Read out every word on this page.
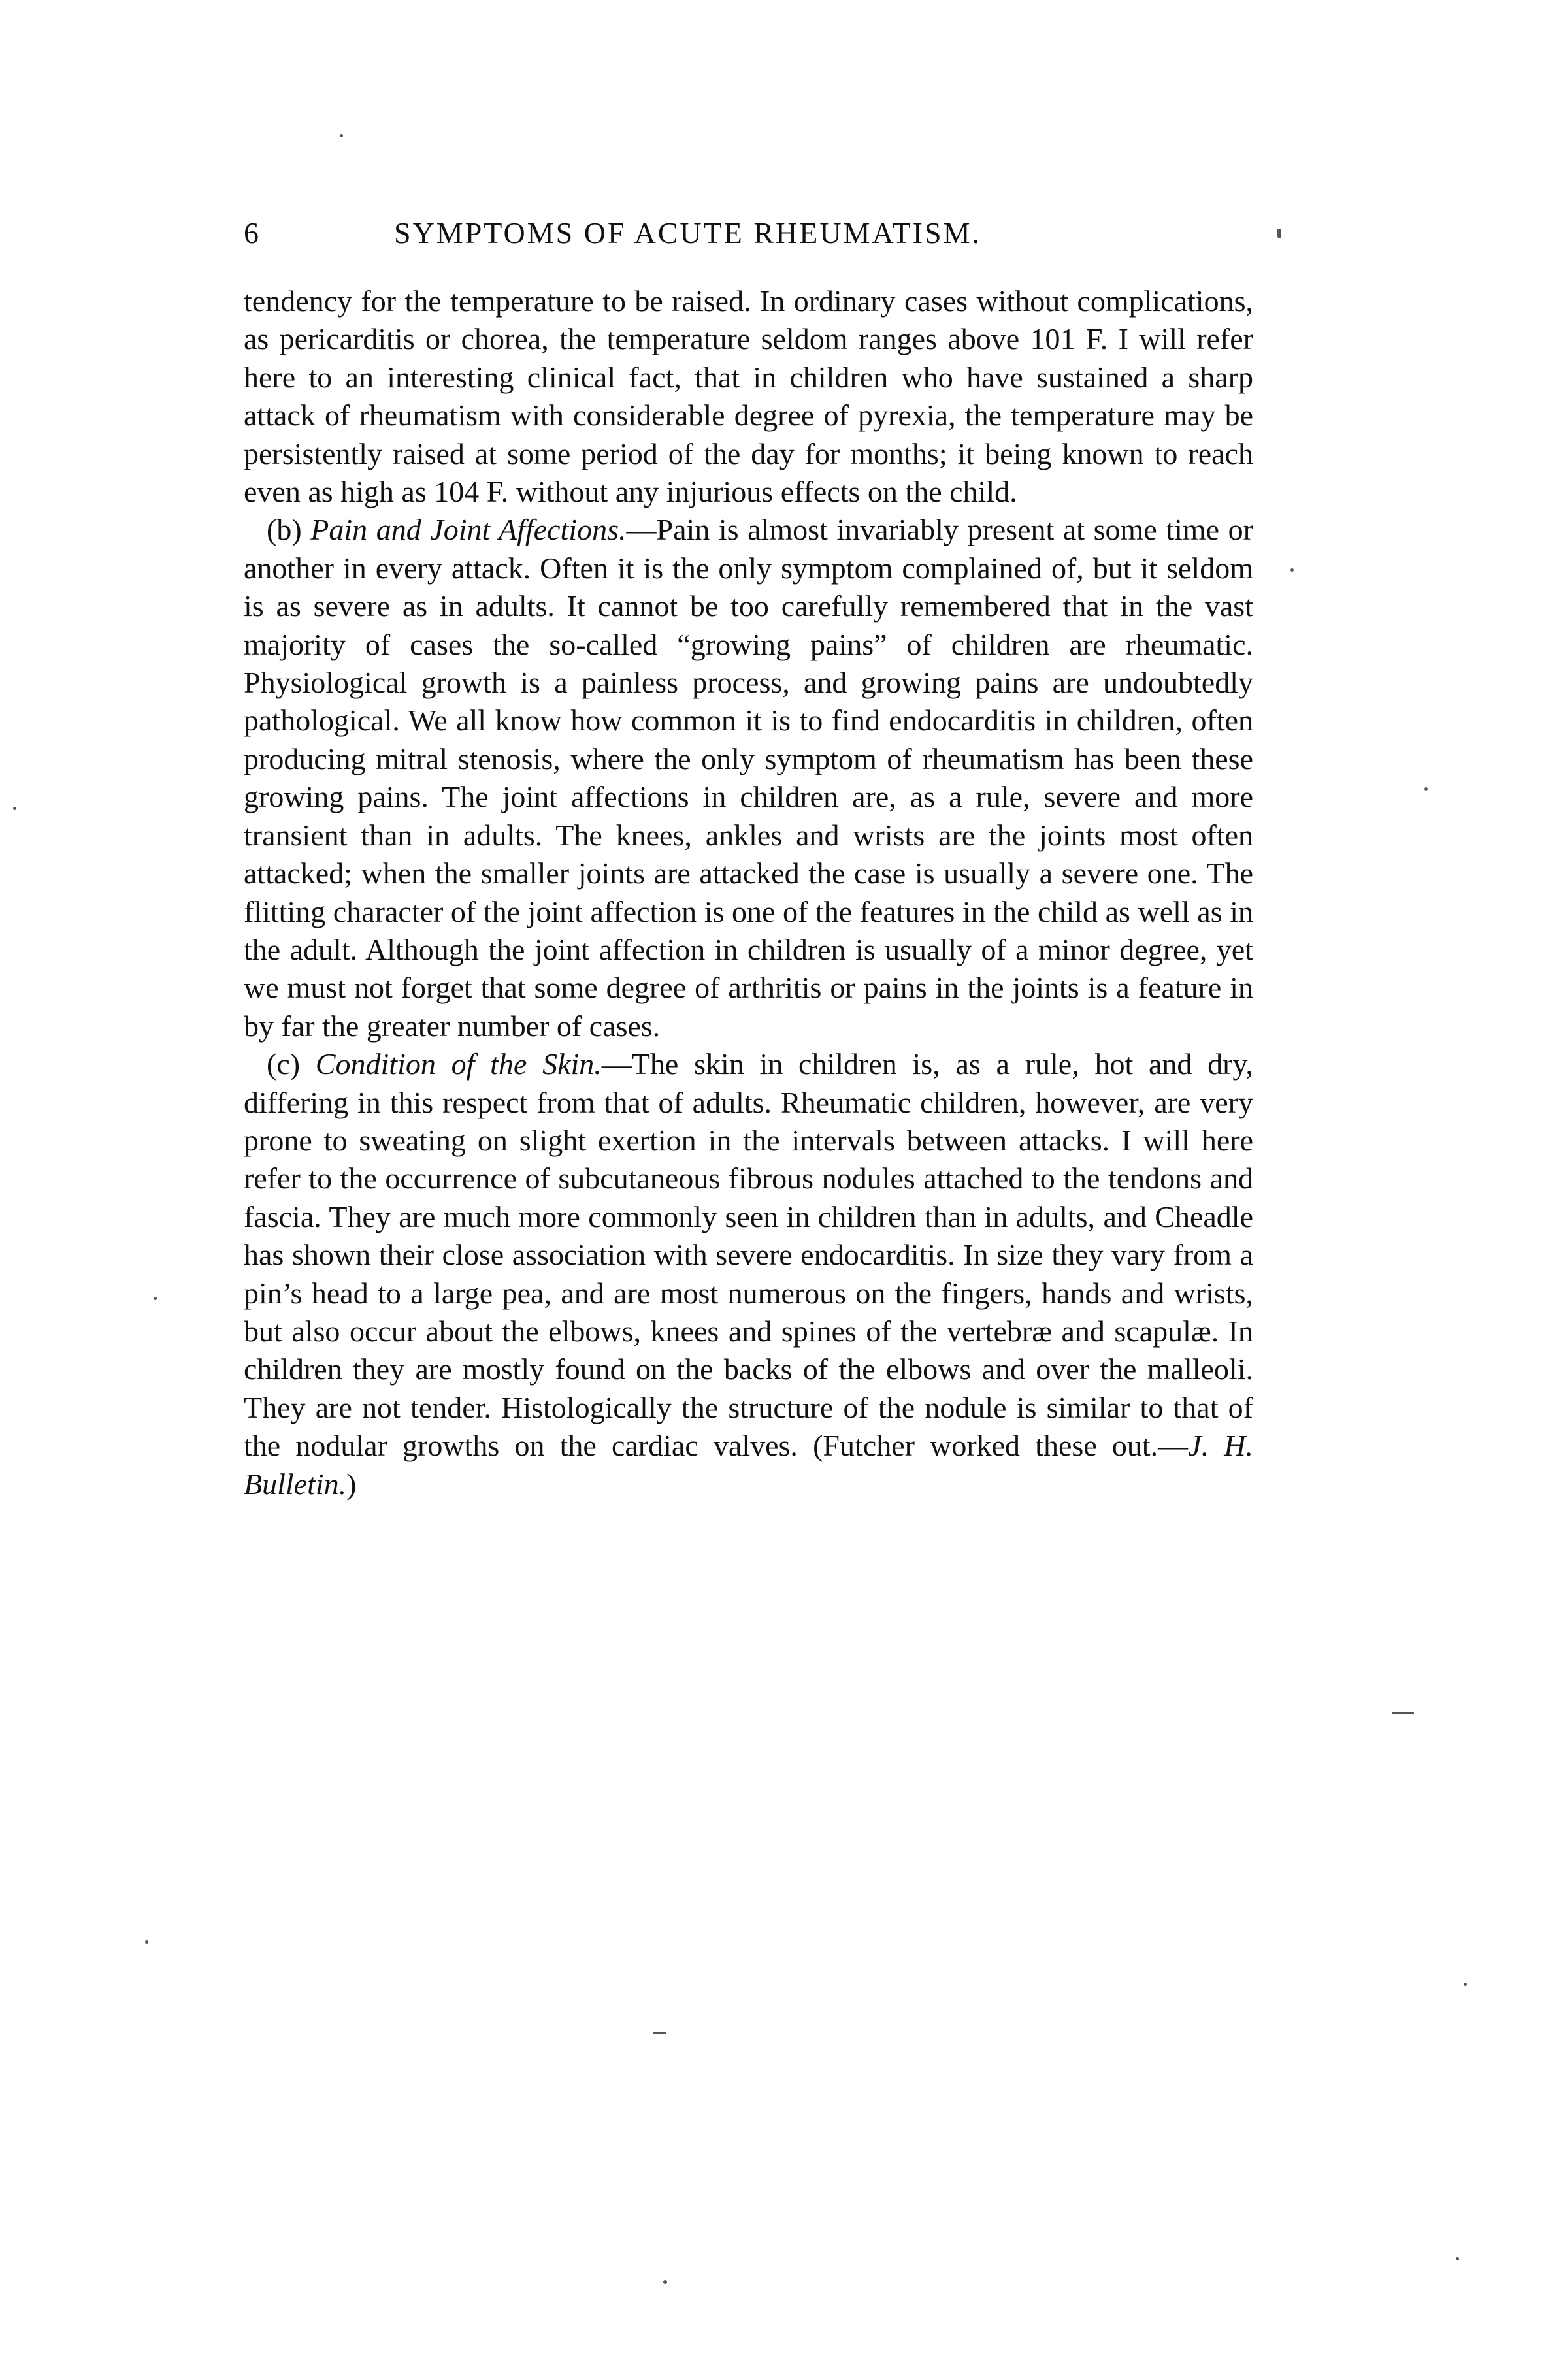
6	SYMPTOMS OF ACUTE RHEUMATISM.

tendency for the temperature to be raised. In ordinary cases without complications, as pericarditis or chorea, the temperature seldom ranges above 101 F. I will refer here to an interesting clinical fact, that in children who have sustained a sharp attack of rheumatism with considerable degree of pyrexia, the temperature may be persistently raised at some period of the day for months; it being known to reach even as high as 104 F. without any injurious effects on the child.

(b) Pain and Joint Affections.—Pain is almost invariably present at some time or another in every attack. Often it is the only symptom complained of, but it seldom is as severe as in adults. It cannot be too carefully remembered that in the vast majority of cases the so-called “growing pains” of children are rheumatic. Physiological growth is a painless process, and growing pains are undoubtedly pathological. We all know how common it is to find endocarditis in children, often producing mitral stenosis, where the only symptom of rheumatism has been these growing pains. The joint affections in children are, as a rule, severe and more transient than in adults. The knees, ankles and wrists are the joints most often attacked; when the smaller joints are attacked the case is usually a severe one. The flitting character of the joint affection is one of the features in the child as well as in the adult. Although the joint affection in children is usually of a minor degree, yet we must not forget that some degree of arthritis or pains in the joints is a feature in by far the greater number of cases.

(c) Condition of the Skin.—The skin in children is, as a rule, hot and dry, differing in this respect from that of adults. Rheumatic children, however, are very prone to sweating on slight exertion in the intervals between attacks. I will here refer to the occurrence of subcutaneous fibrous nodules attached to the tendons and fascia. They are much more commonly seen in children than in adults, and Cheadle has shown their close association with severe endocarditis. In size they vary from a pin’s head to a large pea, and are most numerous on the fingers, hands and wrists, but also occur about the elbows, knees and spines of the vertebræ and scapulæ. In children they are mostly found on the backs of the elbows and over the malleoli. They are not tender. Histologically the structure of the nodule is similar to that of the nodular growths on the cardiac valves. (Futcher worked these out.—J. H. Bulletin.)
